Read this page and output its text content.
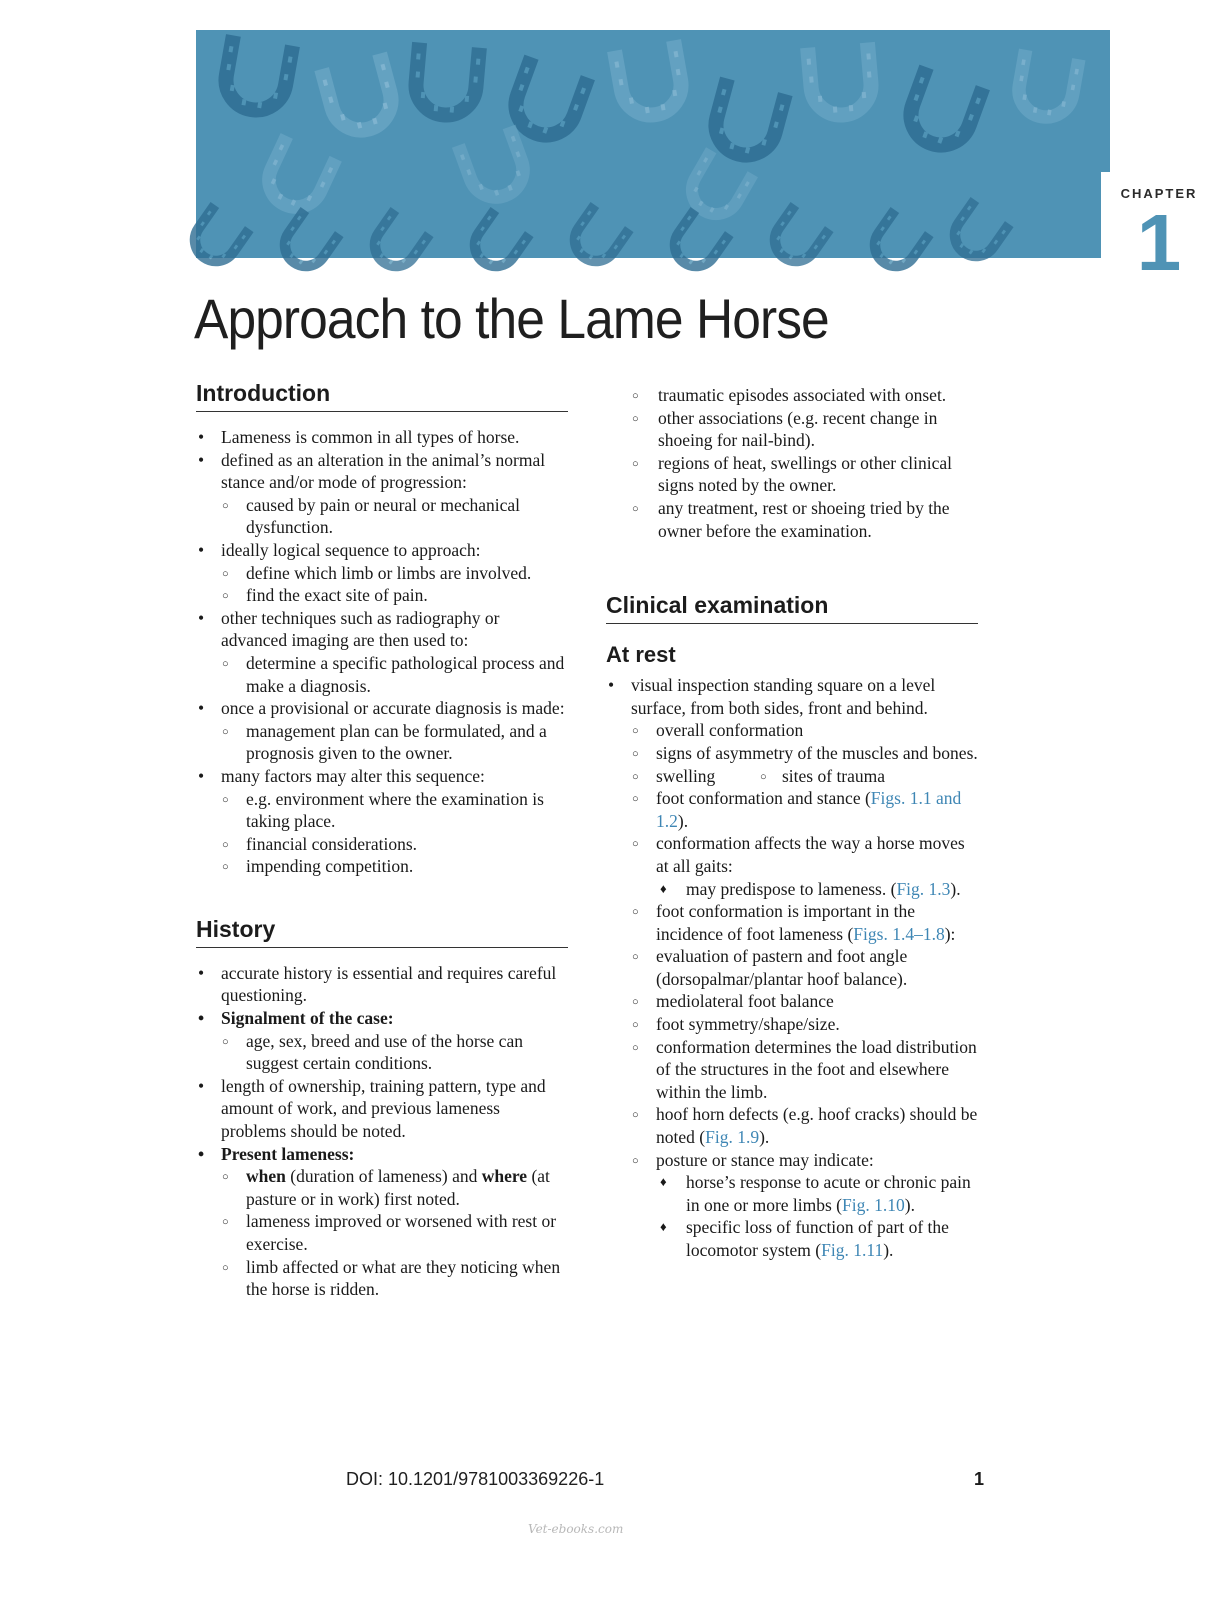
CHAPTER
1
Approach to the Lame Horse
Introduction
• Lameness is common in all types of horse.
• defined as an alteration in the animal’s normal stance and/or mode of progression:
○ caused by pain or neural or mechanical dysfunction.
• ideally logical sequence to approach:
○ define which limb or limbs are involved.
○ find the exact site of pain.
• other techniques such as radiography or advanced imaging are then used to:
○ determine a specific pathological process and make a diagnosis.
• once a provisional or accurate diagnosis is made:
○ management plan can be formulated, and a prognosis given to the owner.
• many factors may alter this sequence:
○ e.g. environment where the examination is taking place.
○ financial considerations.
○ impending competition.
History
• accurate history is essential and requires careful questioning.
• Signalment of the case:
○ age, sex, breed and use of the horse can suggest certain conditions.
• length of ownership, training pattern, type and amount of work, and previous lameness problems should be noted.
• Present lameness:
○ when (duration of lameness) and where (at pasture or in work) first noted.
○ lameness improved or worsened with rest or exercise.
○ limb affected or what are they noticing when the horse is ridden.
○ traumatic episodes associated with onset.
○ other associations (e.g. recent change in shoeing for nail-bind).
○ regions of heat, swellings or other clinical signs noted by the owner.
○ any treatment, rest or shoeing tried by the owner before the examination.
Clinical examination
At rest
• visual inspection standing square on a level surface, from both sides, front and behind.
○ overall conformation
○ signs of asymmetry of the muscles and bones.
○ swelling
○	sites of trauma
○ foot conformation and stance (Figs. 1.1 and 1.2).
○ conformation affects the way a horse moves at all gaits:
♦ may predispose to lameness. (Fig. 1.3).
○ foot conformation is important in the incidence of foot lameness (Figs. 1.4–1.8):
○ evaluation of pastern and foot angle (dorsopalmar/plantar hoof balance).
○ mediolateral foot balance
○ foot symmetry/shape/size.
○ conformation determines the load distribution of the structures in the foot and elsewhere within the limb.
○ hoof horn defects (e.g. hoof cracks) should be noted (Fig. 1.9).
○ posture or stance may indicate:
♦ horse’s response to acute or chronic pain in one or more limbs (Fig. 1.10).
♦ specific loss of function of part of the locomotor system (Fig. 1.11).
DOI: 10.1201/9781003369226-1	1
Vet-ebooks.com
